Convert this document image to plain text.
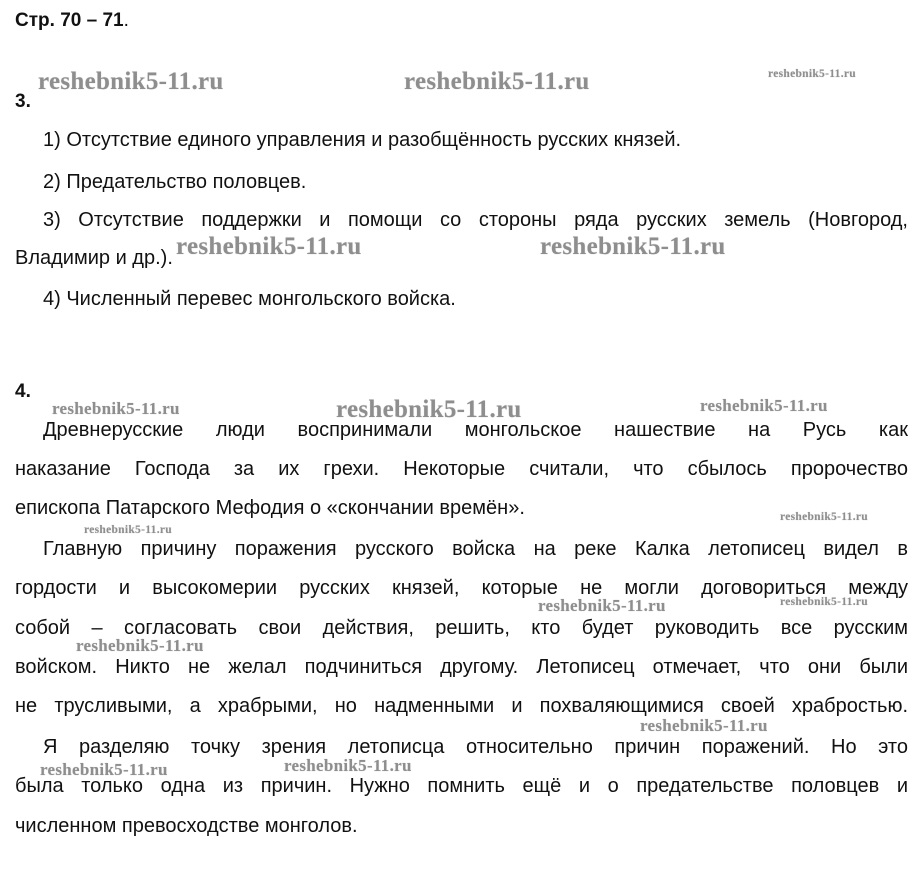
Стр. 70 – 71.
3.
1) Отсутствие единого управления и разобщённость русских князей.
2) Предательство половцев.
3) Отсутствие поддержки и помощи со стороны ряда русских земель (Новгород,
Владимир и др.).
4) Численный перевес монгольского войска.
4.
Древнерусские люди воспринимали монгольское нашествие на Русь как
наказание Господа за их грехи. Некоторые считали, что сбылось пророчество
епископа Патарского Мефодия о «скончании времён».
Главную причину поражения русского войска на реке Калка летописец видел в
гордости и высокомерии русских князей, которые не могли договориться между
собой – согласовать свои действия, решить, кто будет руководить все русским
войском. Никто не желал подчиниться другому. Летописец отмечает, что они были
не трусливыми, а храбрыми, но надменными и похваляющимися своей храбростью.
Я разделяю точку зрения летописца относительно причин поражений. Но это
была только одна из причин. Нужно помнить ещё и о предательстве половцев и
численном превосходстве монголов.
reshebnik5-11.ru	reshebnik5-11.ru	reshebnik5-11.ru
reshebnik5-11.ru	reshebnik5-11.ru
reshebnik5-11.ru	reshebnik5-11.ru	reshebnik5-11.ru
reshebnik5-11.ru
reshebnik5-11.ru
reshebnik5-11.ru	reshebnik5-11.ru
reshebnik5-11.ru
reshebnik5-11.ru
reshebnik5-11.ru
reshebnik5-11.ru
